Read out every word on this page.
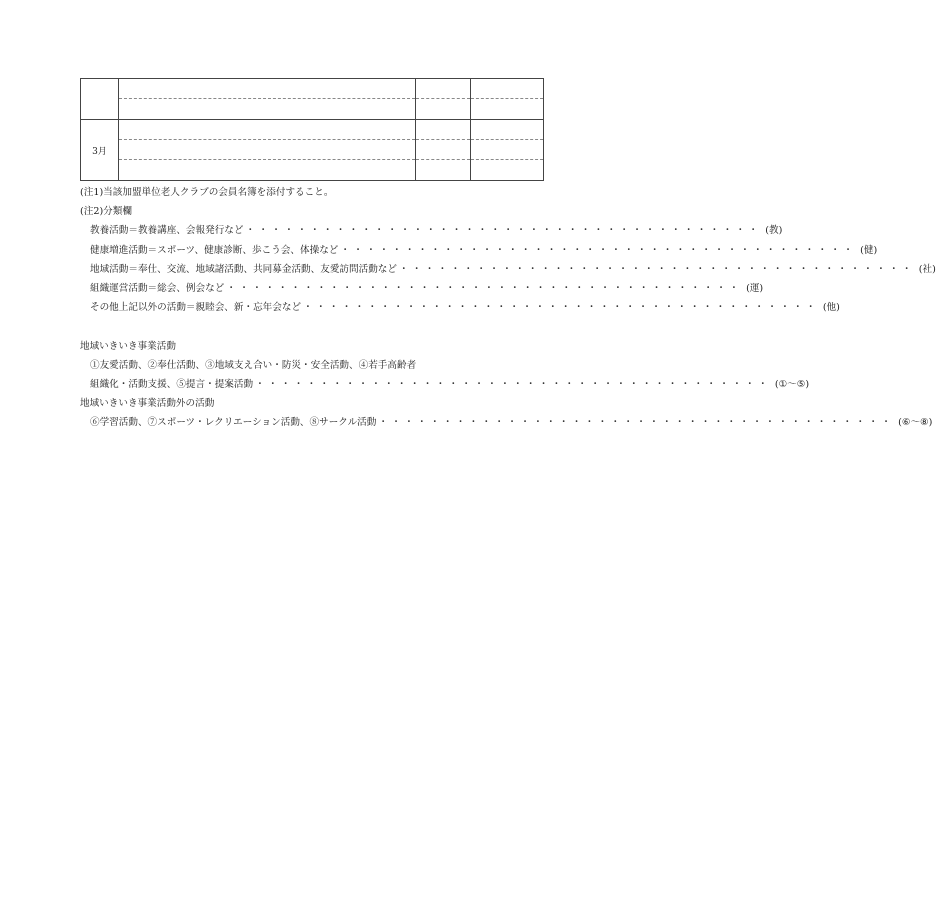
3月			

(注1)当該加盟単位老人クラブの会員名簿を添付すること。
(注2)分類欄
教養活動＝教養講座、会報発行など ・・・・・・・・・・・・・・・・・・・・・・・・・・・・・・・・・・・・・・・・ (教)
健康増進活動＝スポーツ、健康診断、歩こう会、体操など ・・・・・・・・・・・・・・・・・・・・・・・・・・・・・・・・・・・・・・・・ (健)
地域活動＝奉仕、交流、地域諸活動、共同募金活動、友愛訪問活動など ・・・・・・・・・・・・・・・・・・・・・・・・・・・・・・・・・・・・・・・・ (社)
組織運営活動＝総会、例会など ・・・・・・・・・・・・・・・・・・・・・・・・・・・・・・・・・・・・・・・・ (運)
その他上記以外の活動＝親睦会、新・忘年会など ・・・・・・・・・・・・・・・・・・・・・・・・・・・・・・・・・・・・・・・・ (他)
地域いきいき事業活動
①友愛活動、②奉仕活動、③地域支え合い・防災・安全活動、④若手高齢者
組織化・活動支援、⑤提言・提案活動 ・・・・・・・・・・・・・・・・・・・・・・・・・・・・・・・・・・・・・・・・ (①〜⑤)
地域いきいき事業活動外の活動
⑥学習活動、⑦スポーツ・レクリエーション活動、⑧サークル活動 ・・・・・・・・・・・・・・・・・・・・・・・・・・・・・・・・・・・・・・・・ (⑥〜⑧)
